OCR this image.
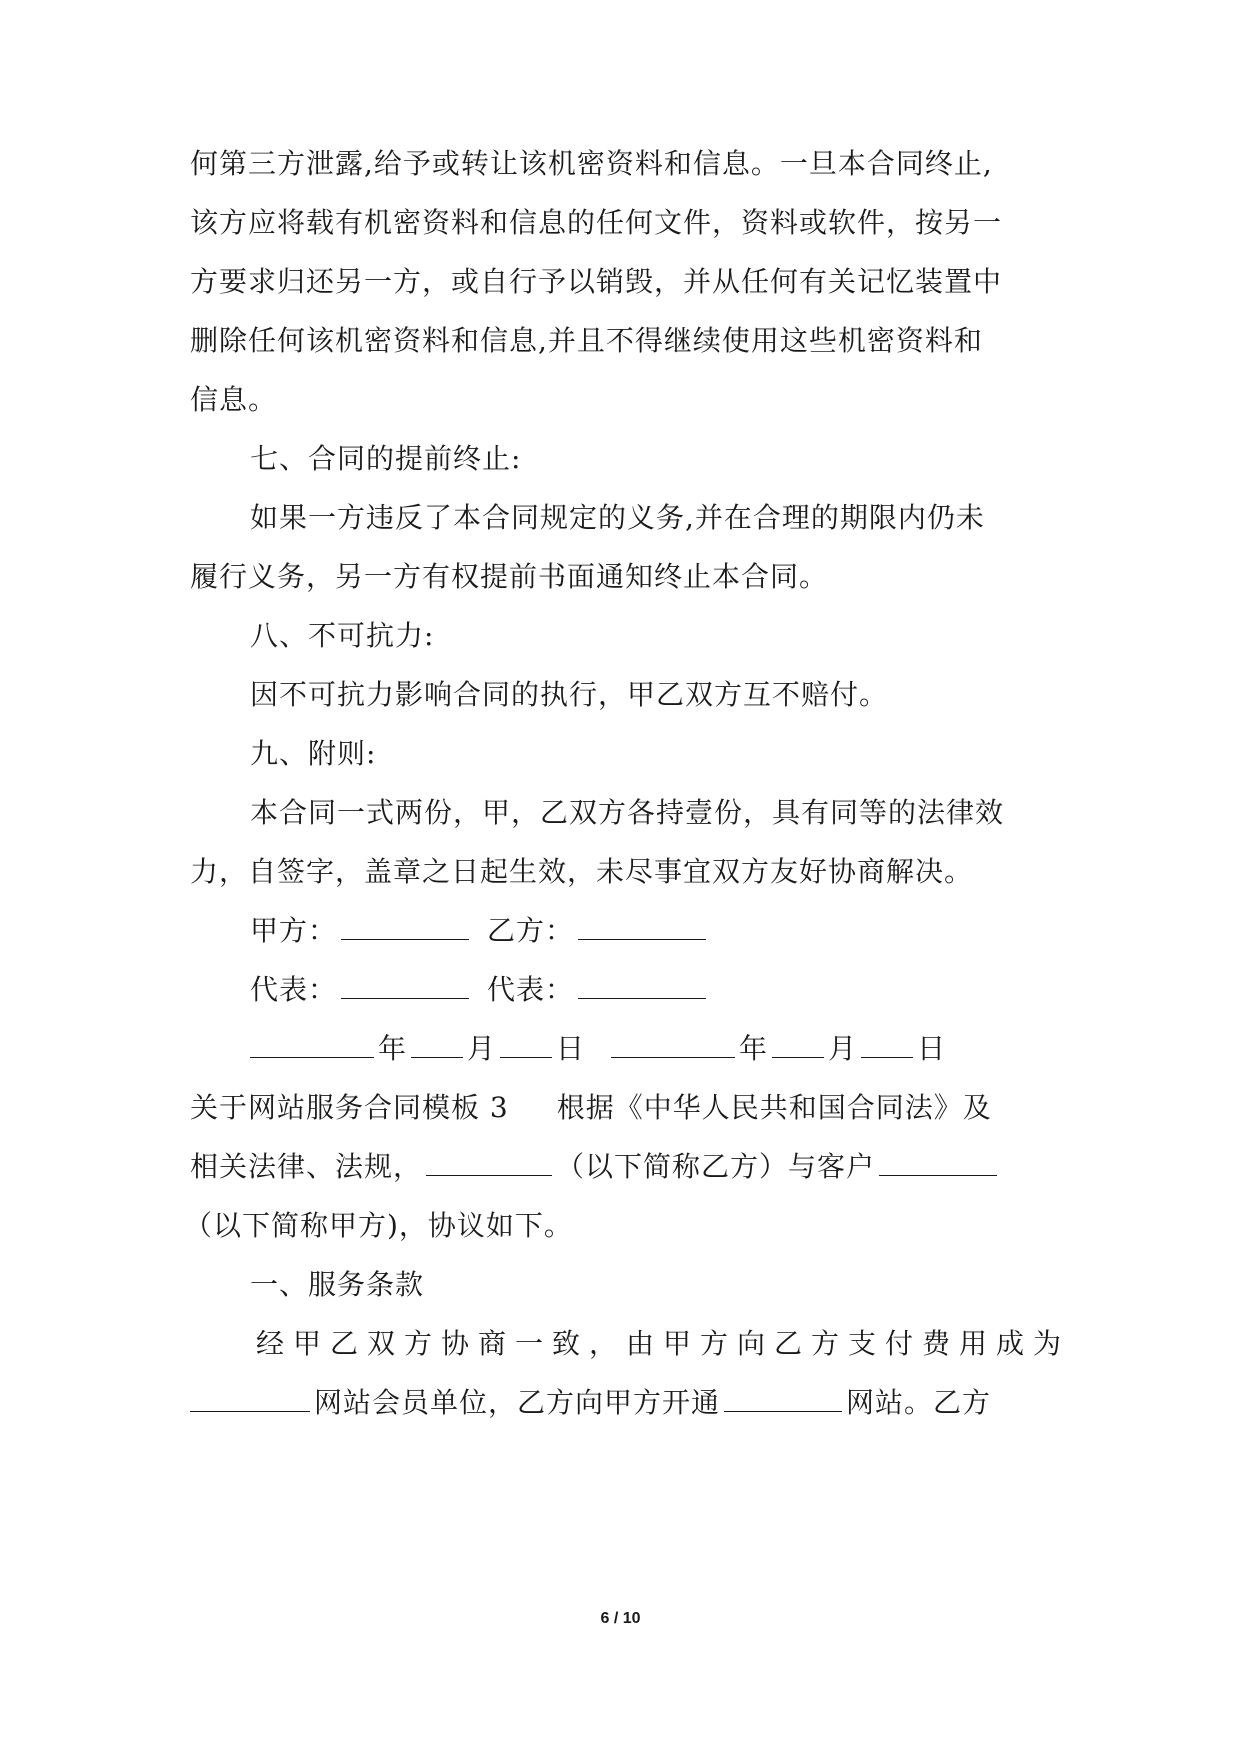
何第三方泄露,给予或转让该机密资料和信息。一旦本合同终止,
该方应将载有机密资料和信息的任何文件，资料或软件，按另一
方要求归还另一方，或自行予以销毁，并从任何有关记忆装置中
删除任何该机密资料和信息,并且不得继续使用这些机密资料和
信息。
七、合同的提前终止:
如果一方违反了本合同规定的义务,并在合理的期限内仍未
履行义务，另一方有权提前书面通知终止本合同。
八、不可抗力:
因不可抗力影响合同的执行，甲乙双方互不赔付。
九、附则:
本合同一式两份，甲，乙双方各持壹份，具有同等的法律效
力，自签字，盖章之日起生效，未尽事宜双方友好协商解决。
甲方：	乙方：
代表：	代表：
年 月 日	年 月 日
关于网站服务合同模板 3 根据《中华人民共和国合同法》及
相关法律、法规，	（以下简称乙方）与客户
（以下简称甲方)，协议如下。
一、服务条款
经甲乙双方协商一致，由甲方向乙方支付费用成为
网站会员单位，乙方向甲方开通	网站。乙方
6 / 10
